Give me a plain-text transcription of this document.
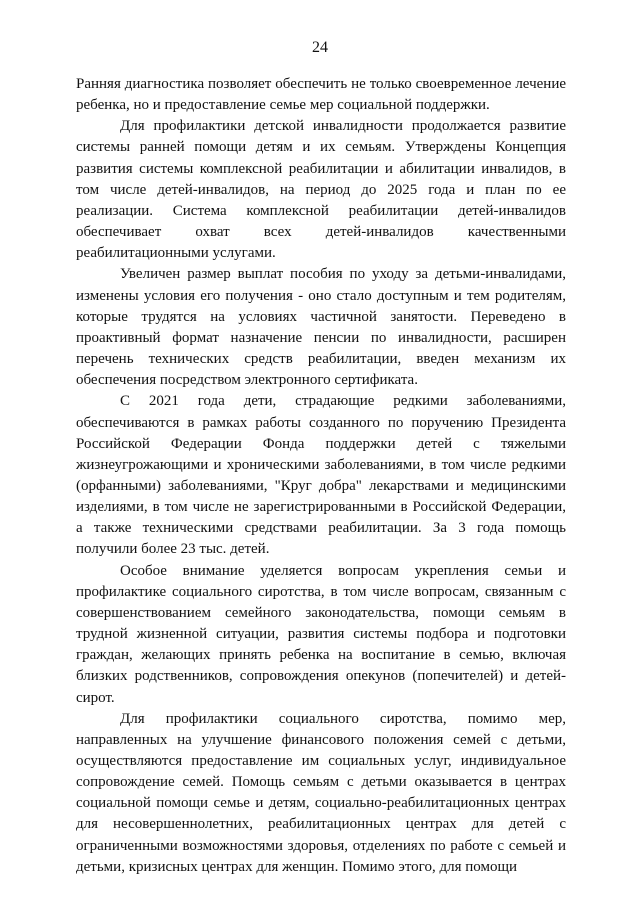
24

Ранняя диагностика позволяет обеспечить не только своевременное лечение ребенка, но и предоставление семье мер социальной поддержки.

Для профилактики детской инвалидности продолжается развитие системы ранней помощи детям и их семьям. Утверждены Концепция развития системы комплексной реабилитации и абилитации инвалидов, в том числе детей-инвалидов, на период до 2025 года и план по ее реализации. Система комплексной реабилитации детей-инвалидов обеспечивает охват всех детей-инвалидов качественными реабилитационными услугами.

Увеличен размер выплат пособия по уходу за детьми-инвалидами, изменены условия его получения - оно стало доступным и тем родителям, которые трудятся на условиях частичной занятости. Переведено в проактивный формат назначение пенсии по инвалидности, расширен перечень технических средств реабилитации, введен механизм их обеспечения посредством электронного сертификата.

С 2021 года дети, страдающие редкими заболеваниями, обеспечиваются в рамках работы созданного по поручению Президента Российской Федерации Фонда поддержки детей с тяжелыми жизнеугрожающими и хроническими заболеваниями, в том числе редкими (орфанными) заболеваниями, "Круг добра" лекарствами и медицинскими изделиями, в том числе не зарегистрированными в Российской Федерации, а также техническими средствами реабилитации. За 3 года помощь получили более 23 тыс. детей.

Особое внимание уделяется вопросам укрепления семьи и профилактике социального сиротства, в том числе вопросам, связанным с совершенствованием семейного законодательства, помощи семьям в трудной жизненной ситуации, развития системы подбора и подготовки граждан, желающих принять ребенка на воспитание в семью, включая близких родственников, сопровождения опекунов (попечителей) и детей-сирот.

Для профилактики социального сиротства, помимо мер, направленных на улучшение финансового положения семей с детьми, осуществляются предоставление им социальных услуг, индивидуальное сопровождение семей. Помощь семьям с детьми оказывается в центрах социальной помощи семье и детям, социально-реабилитационных центрах для несовершеннолетних, реабилитационных центрах для детей с ограниченными возможностями здоровья, отделениях по работе с семьей и детьми, кризисных центрах для женщин. Помимо этого, для помощи
